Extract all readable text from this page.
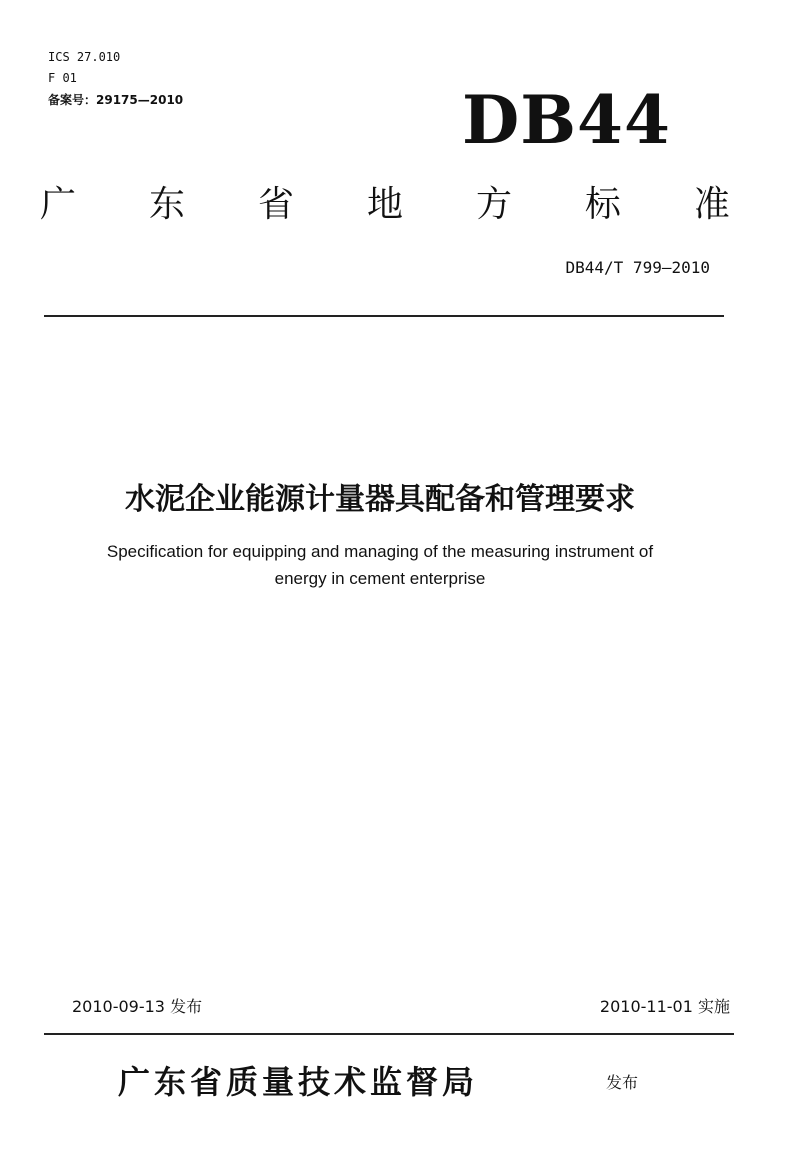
ICS 27.010
F 01
备案号：29175—2010	DB44
广 东 省 地 方 标 准
DB44/T 799—2010
水泥企业能源计量器具配备和管理要求
Specification for equipping and managing of the measuring instrument of
energy in cement enterprise
2010-09-13 发布	2010-11-01 实施
广东省质量技术监督局	发布
